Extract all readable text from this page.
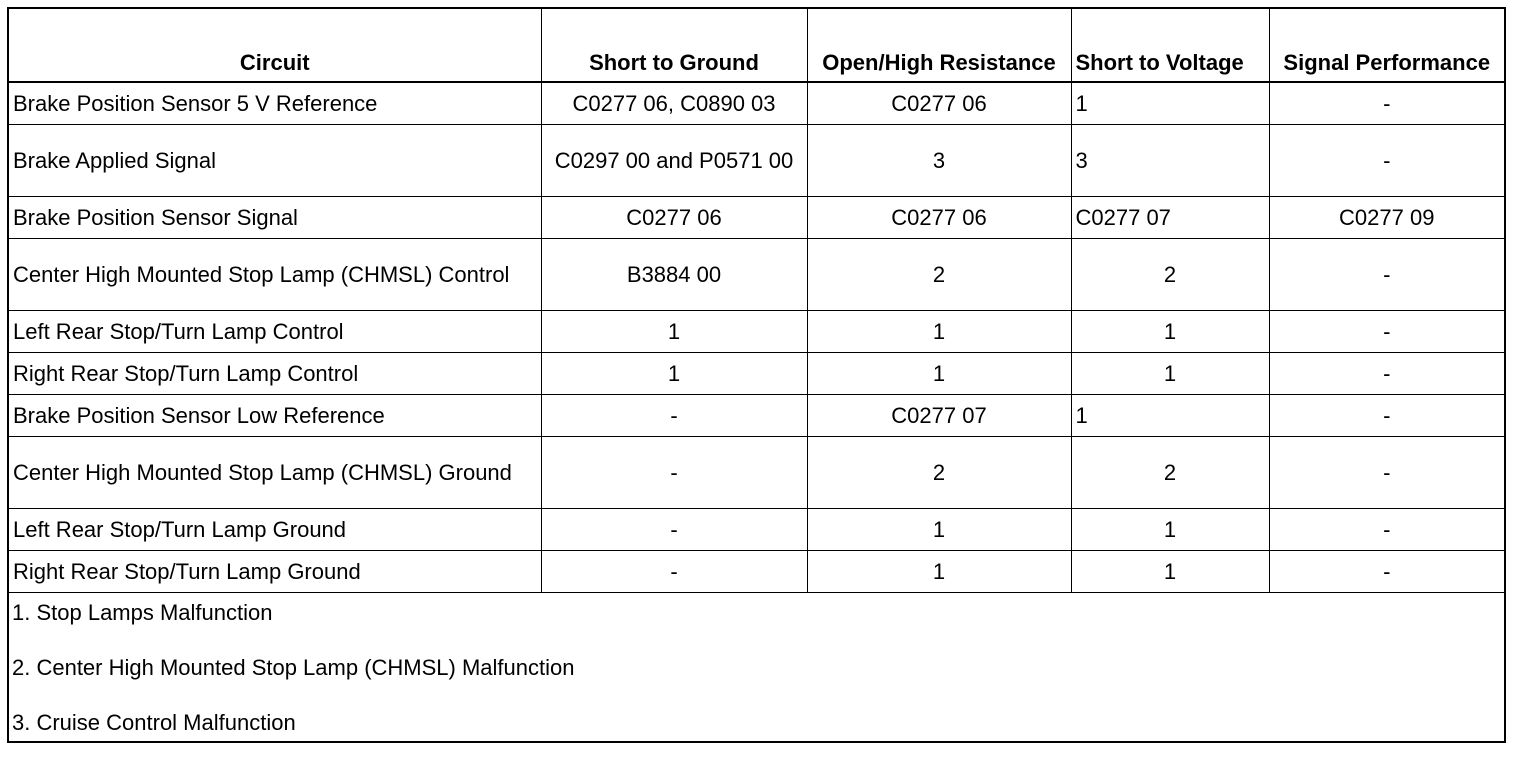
Circuit	Short to Ground	Open/High Resistance	Short to Voltage	Signal Performance
Brake Position Sensor 5 V Reference	C0277 06, C0890 03	C0277 06	1	-
Brake Applied Signal	C0297 00 and P0571 00	3	3	-
Brake Position Sensor Signal	C0277 06	C0277 06	C0277 07	C0277 09
Center High Mounted Stop Lamp (CHMSL) Control	B3884 00	2	2	-
Left Rear Stop/Turn Lamp Control	1	1	1	-
Right Rear Stop/Turn Lamp Control	1	1	1	-
Brake Position Sensor Low Reference	-	C0277 07	1	-
Center High Mounted Stop Lamp (CHMSL) Ground	-	2	2	-
Left Rear Stop/Turn Lamp Ground	-	1	1	-
Right Rear Stop/Turn Lamp Ground	-	1	1	-
1. Stop Lamps Malfunction
2. Center High Mounted Stop Lamp (CHMSL) Malfunction
3. Cruise Control Malfunction
